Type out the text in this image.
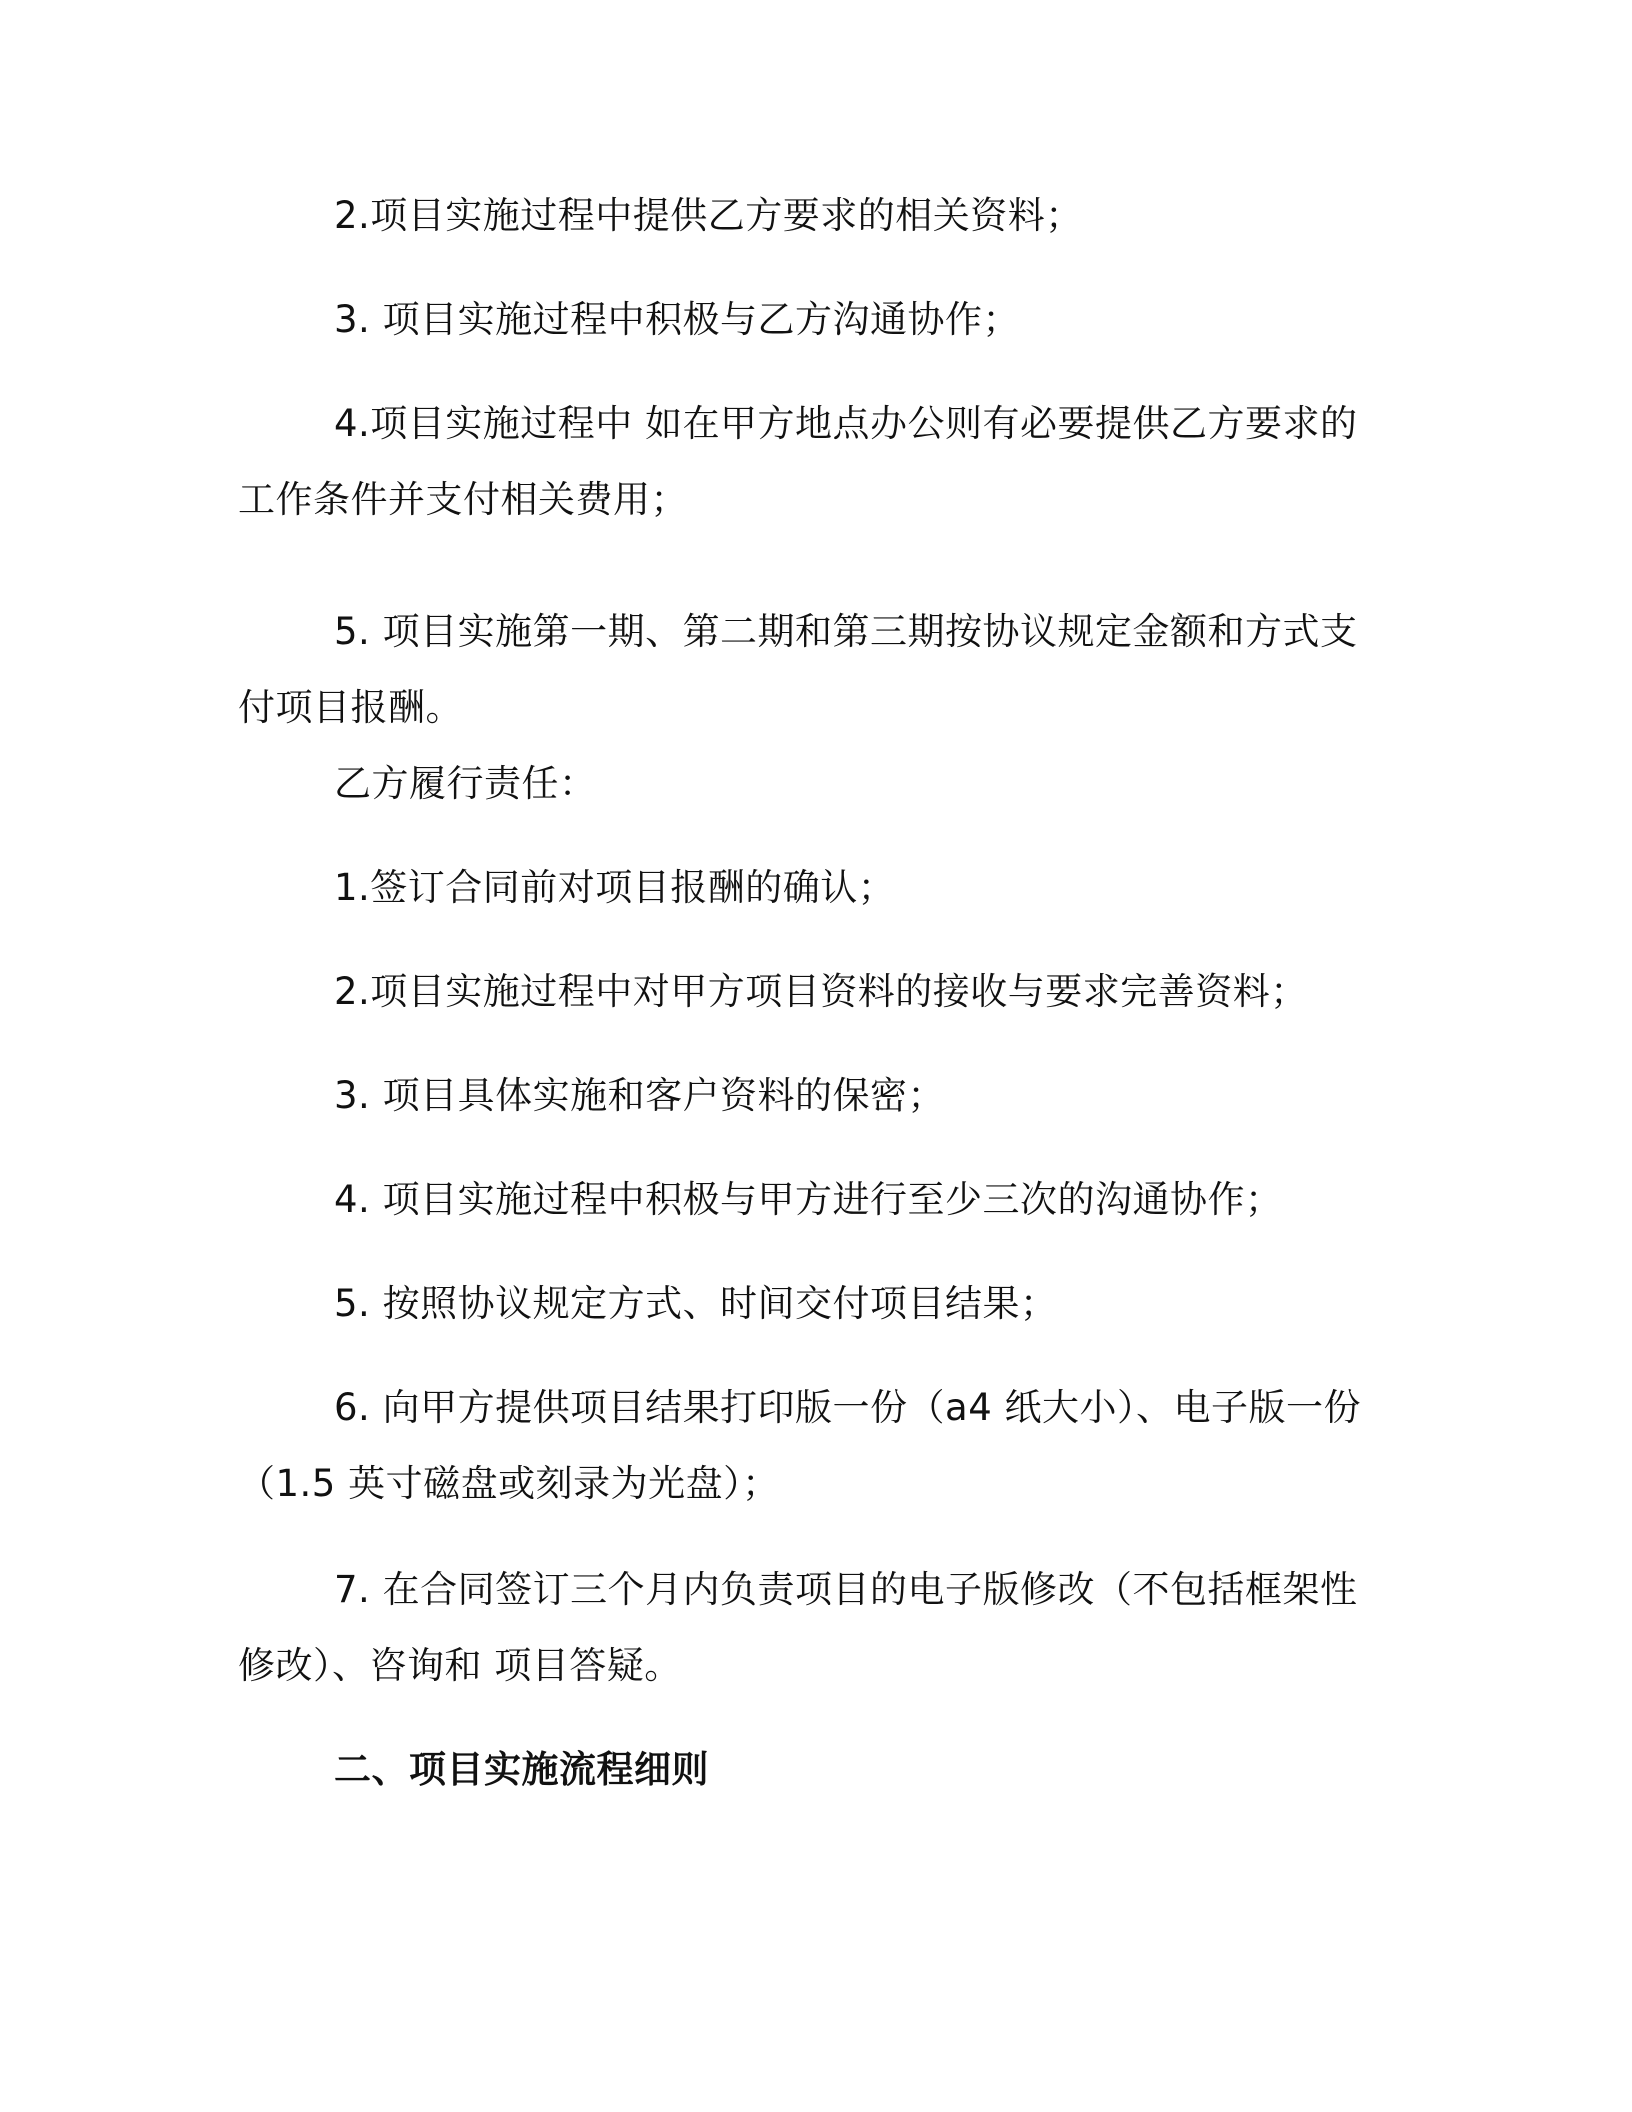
2.项目实施过程中提供乙方要求的相关资料；

3. 项目实施过程中积极与乙方沟通协作；

4.项目实施过程中 如在甲方地点办公则有必要提供乙方要求的工作条件并支付相关费用；

5. 项目实施第一期、第二期和第三期按协议规定金额和方式支付项目报酬。

乙方履行责任：

1.签订合同前对项目报酬的确认；

2.项目实施过程中对甲方项目资料的接收与要求完善资料；

3. 项目具体实施和客户资料的保密；

4. 项目实施过程中积极与甲方进行至少三次的沟通协作；

5. 按照协议规定方式、时间交付项目结果；

6. 向甲方提供项目结果打印版一份（a4 纸大小）、电子版一份（1.5 英寸磁盘或刻录为光盘）；

7. 在合同签订三个月内负责项目的电子版修改（不包括框架性修改）、咨询和 项目答疑。

二、项目实施流程细则
